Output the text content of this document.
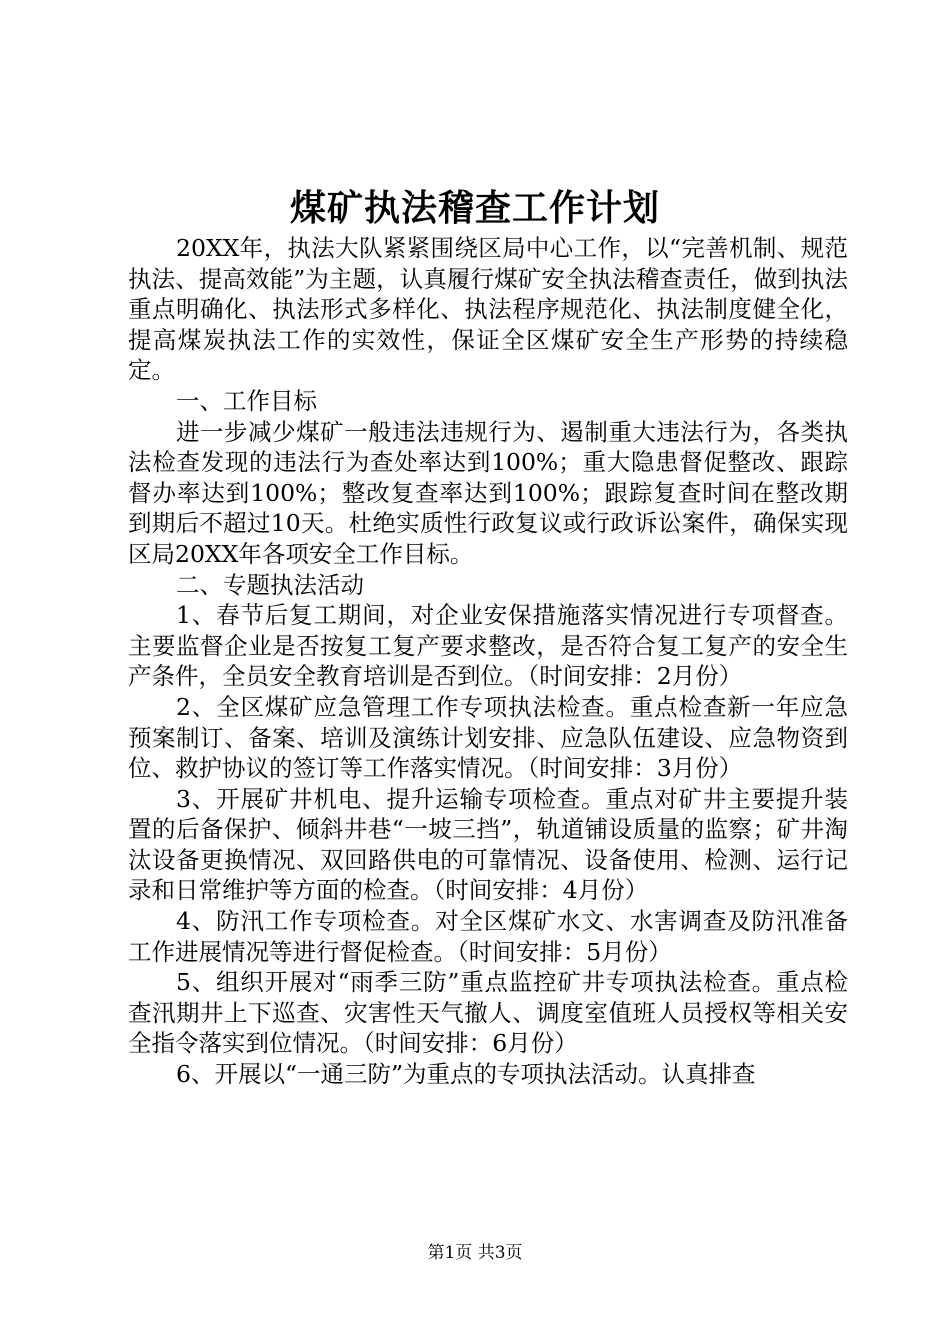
煤矿执法稽查工作计划

20XX年，执法大队紧紧围绕区局中心工作，以“完善机制、规范执法、提高效能”为主题，认真履行煤矿安全执法稽查责任，做到执法重点明确化、执法形式多样化、执法程序规范化、执法制度健全化，提高煤炭执法工作的实效性，保证全区煤矿安全生产形势的持续稳定。

一、工作目标

进一步减少煤矿一般违法违规行为、遏制重大违法行为，各类执法检查发现的违法行为查处率达到100%；重大隐患督促整改、跟踪督办率达到100%；整改复查率达到100%；跟踪复查时间在整改期到期后不超过10天。杜绝实质性行政复议或行政诉讼案件，确保实现区局20XX年各项安全工作目标。

二、专题执法活动

1、春节后复工期间，对企业安保措施落实情况进行专项督查。主要监督企业是否按复工复产要求整改，是否符合复工复产的安全生产条件，全员安全教育培训是否到位。（时间安排：2月份）

2、全区煤矿应急管理工作专项执法检查。重点检查新一年应急预案制订、备案、培训及演练计划安排、应急队伍建设、应急物资到位、救护协议的签订等工作落实情况。（时间安排：3月份）

3、开展矿井机电、提升运输专项检查。重点对矿井主要提升装置的后备保护、倾斜井巷“一坡三挡”，轨道铺设质量的监察；矿井淘汰设备更换情况、双回路供电的可靠情况、设备使用、检测、运行记录和日常维护等方面的检查。（时间安排：4月份）

4、防汛工作专项检查。对全区煤矿水文、水害调查及防汛准备工作进展情况等进行督促检查。（时间安排：5月份）

5、组织开展对“雨季三防”重点监控矿井专项执法检查。重点检查汛期井上下巡查、灾害性天气撤人、调度室值班人员授权等相关安全指令落实到位情况。（时间安排：6月份）

6、开展以“一通三防”为重点的专项执法活动。认真排查

第1页 共3页
